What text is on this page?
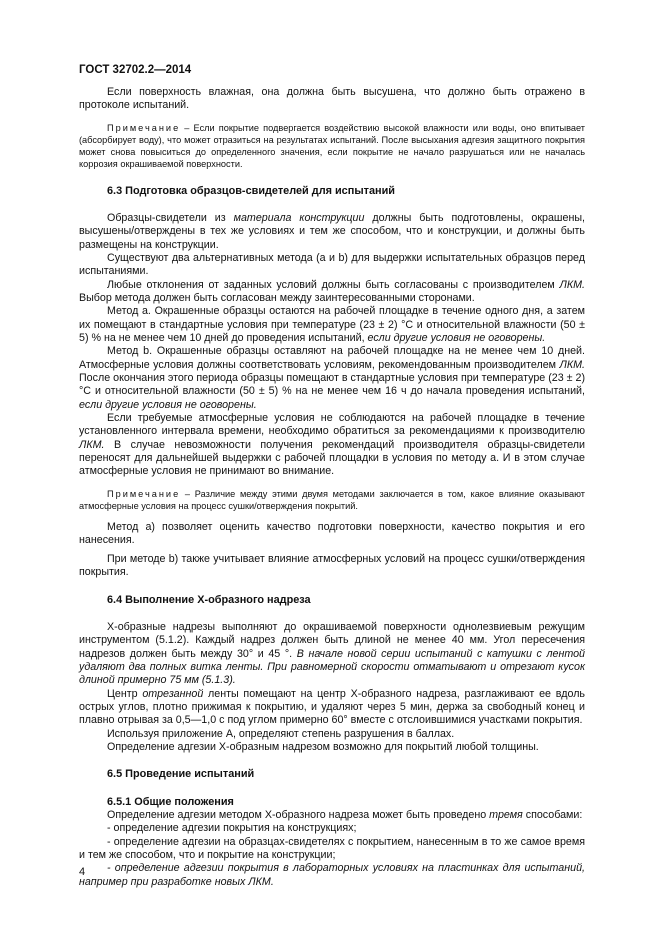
ГОСТ 32702.2—2014

Если поверхность влажная, она должна быть высушена, что должно быть отражено в протоколе испытаний.

Примечание – Если покрытие подвергается воздействию высокой влажности или воды, оно впитывает (абсорбирует воду), что может отразиться на результатах испытаний. После высыхания адгезия защитного покрытия может снова повыситься до определенного значения, если покрытие не начало разрушаться или не началась коррозия окрашиваемой поверхности.

6.3 Подготовка образцов-свидетелей для испытаний

Образцы-свидетели из материала конструкции должны быть подготовлены, окрашены, высушены/отверждены в тех же условиях и тем же способом, что и конструкции, и должны быть размещены на конструкции.

Существуют два альтернативных метода (a и b) для выдержки испытательных образцов перед испытаниями.

Любые отклонения от заданных условий должны быть согласованы с производителем ЛКМ. Выбор метода должен быть согласован между заинтересованными сторонами.

Метод a. Окрашенные образцы остаются на рабочей площадке в течение одного дня, а затем их помещают в стандартные условия при температуре (23 ± 2) °С и относительной влажности (50 ± 5) % на не менее чем 10 дней до проведения испытаний, если другие условия не оговорены.

Метод b. Окрашенные образцы оставляют на рабочей площадке на не менее чем 10 дней. Атмосферные условия должны соответствовать условиям, рекомендованным производителем ЛКМ. После окончания этого периода образцы помещают в стандартные условия при температуре (23 ± 2) °С и относительной влажности (50 ± 5) % на не менее чем 16 ч до начала проведения испытаний, если другие условия не оговорены.

Если требуемые атмосферные условия не соблюдаются на рабочей площадке в течение установленного интервала времени, необходимо обратиться за рекомендациями к производителю ЛКМ. В случае невозможности получения рекомендаций производителя образцы-свидетели переносят для дальнейшей выдержки с рабочей площадки в условия по методу a. И в этом случае атмосферные условия не принимают во внимание.

Примечание – Различие между этими двумя методами заключается в том, какое влияние оказывают атмосферные условия на процесс сушки/отверждения покрытий.

Метод a) позволяет оценить качество подготовки поверхности, качество покрытия и его нанесения.

При методе b) также учитывает влияние атмосферных условий на процесс сушки/отверждения покрытия.

6.4 Выполнение X-образного надреза

X-образные надрезы выполняют до окрашиваемой поверхности однолезвиевым режущим инструментом (5.1.2). Каждый надрез должен быть длиной не менее 40 мм. Угол пересечения надрезов должен быть между 30° и 45 °. В начале новой серии испытаний с катушки с лентой удаляют два полных витка ленты. При равномерной скорости отматывают и отрезают кусок длиной примерно 75 мм (5.1.3).

Центр отрезанной ленты помещают на центр X-образного надреза, разглаживают ее вдоль острых углов, плотно прижимая к покрытию, и удаляют через 5 мин, держа за свободный конец и плавно отрывая за 0,5—1,0 с под углом примерно 60° вместе с отслоившимися участками покрытия.

Используя приложение A, определяют степень разрушения в баллах.

Определение адгезии X-образным надрезом возможно для покрытий любой толщины.

6.5 Проведение испытаний
6.5.1 Общие положения

Определение адгезии методом X-образного надреза может быть проведено тремя способами:

- определение адгезии покрытия на конструкциях;

- определение адгезии на образцах-свидетелях с покрытием, нанесенным в то же самое время и тем же способом, что и покрытие на конструкции;

- определение адгезии покрытия в лабораторных условиях на пластинках для испытаний, например при разработке новых ЛКМ.

4
